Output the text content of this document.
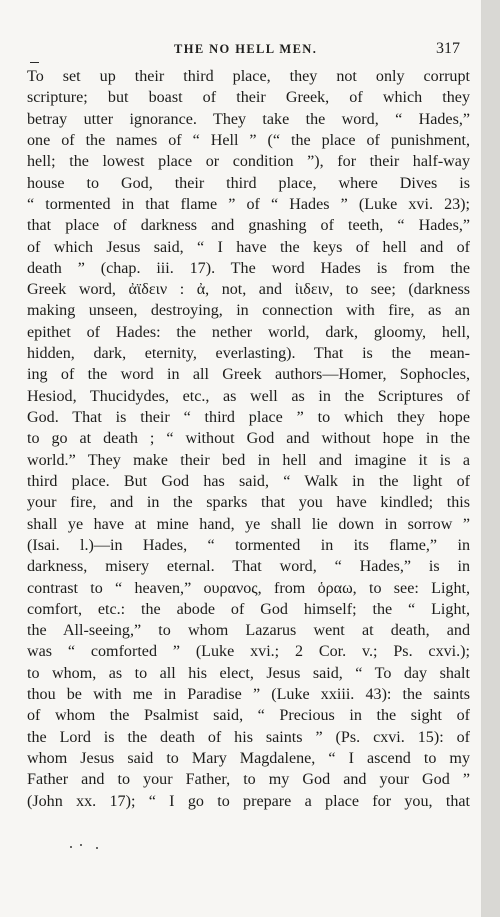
THE NO HELL MEN.	317
To set up their third place, they not only corrupt
scripture; but boast of their Greek, of which they
betray utter ignorance. They take the word, “ Hades,”
one of the names of “ Hell ” (“ the place of punishment,
hell; the lowest place or condition ”), for their half-way
house to God, their third place, where Dives is
“ tormented in that flame ” of “ Hades ” (Luke xvi. 23);
that place of darkness and gnashing of teeth, “ Hades,”
of which Jesus said, “ I have the keys of hell and of
death ” (chap. iii. 17). The word Hades is from the
Greek word, ἀϊδειν : ἀ, not, and ἰιδειν, to see; (darkness
making unseen, destroying, in connection with fire, as an
epithet of Hades: the nether world, dark, gloomy, hell,
hidden, dark, eternity, everlasting). That is the mean-
ing of the word in all Greek authors—Homer, Sophocles,
Hesiod, Thucidydes, etc., as well as in the Scriptures of
God. That is their “ third place ” to which they hope
to go at death ; “ without God and without hope in the
world.” They make their bed in hell and imagine it is a
third place. But God has said, “ Walk in the light of
your fire, and in the sparks that you have kindled; this
shall ye have at mine hand, ye shall lie down in sorrow ”
(Isai. l.)—in Hades, “ tormented in its flame,” in
darkness, misery eternal. That word, “ Hades,” is in
contrast to “ heaven,” ουρανος, from ὁραω, to see: Light,
comfort, etc.: the abode of God himself; the “ Light,
the All-seeing,” to whom Lazarus went at death, and
was “ comforted ” (Luke xvi.; 2 Cor. v.; Ps. cxvi.);
to whom, as to all his elect, Jesus said, “ To day shalt
thou be with me in Paradise ” (Luke xxiii. 43): the saints
of whom the Psalmist said, “ Precious in the sight of
the Lord is the death of his saints ” (Ps. cxvi. 15): of
whom Jesus said to Mary Magdalene, “ I ascend to my
Father and to your Father, to my God and your God ”
(John xx. 17); “ I go to prepare a place for you, that
